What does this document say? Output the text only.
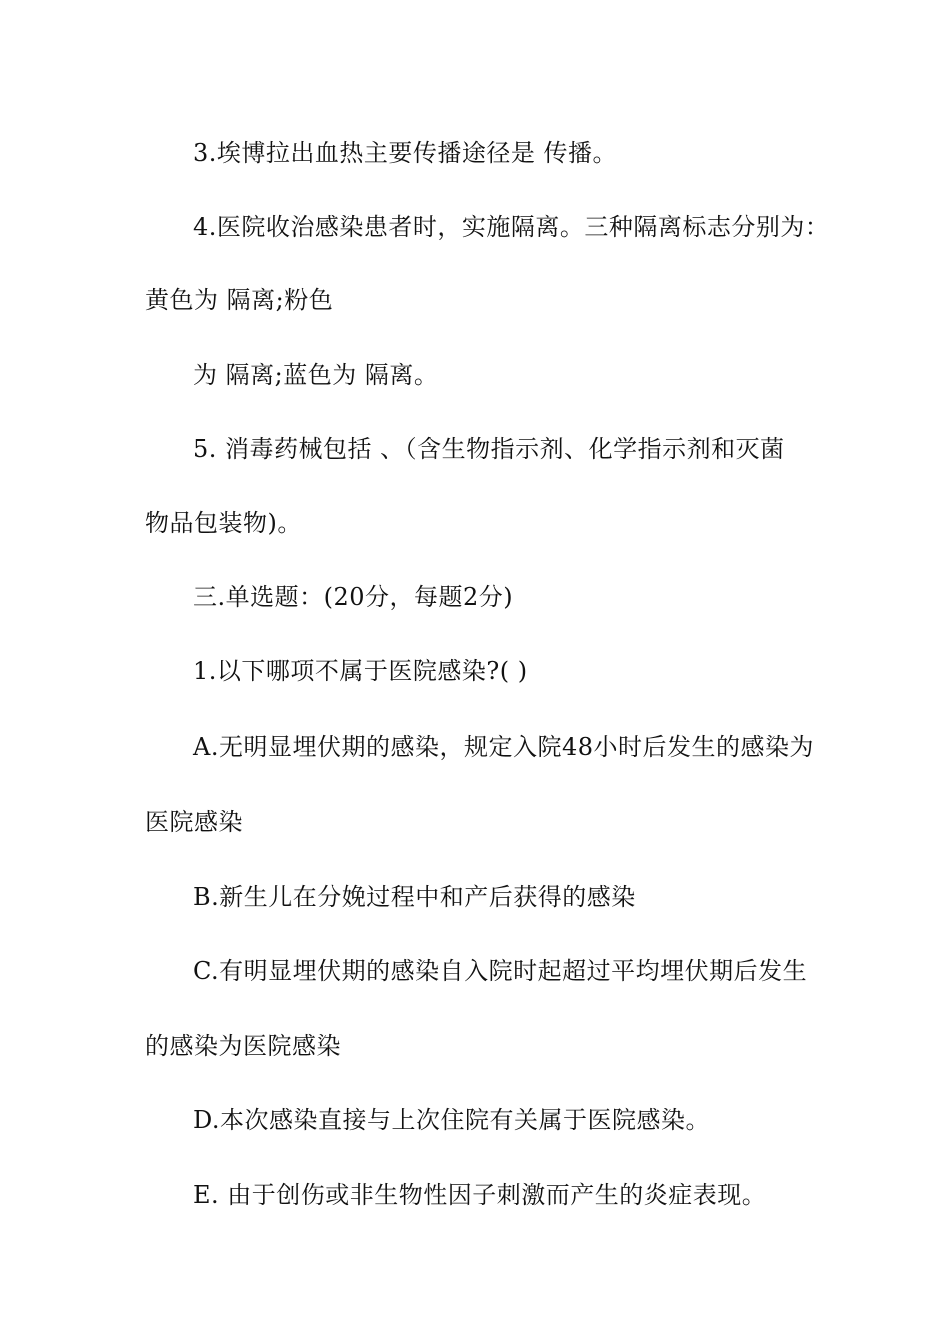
3.埃博拉出血热主要传播途径是 传播。

4.医院收治感染患者时，实施隔离。三种隔离标志分别为：

黄色为 隔离;粉色

为 隔离;蓝色为 隔离。

5. 消毒药械包括 、（含生物指示剂、化学指示剂和灭菌

物品包装物)。

三.单选题：(20分，每题2分)

1.以下哪项不属于医院感染?( )

A.无明显埋伏期的感染，规定入院48小时后发生的感染为

医院感染

B.新生儿在分娩过程中和产后获得的感染

C.有明显埋伏期的感染自入院时起超过平均埋伏期后发生

的感染为医院感染

D.本次感染直接与上次住院有关属于医院感染。

E. 由于创伤或非生物性因子刺激而产生的炎症表现。
